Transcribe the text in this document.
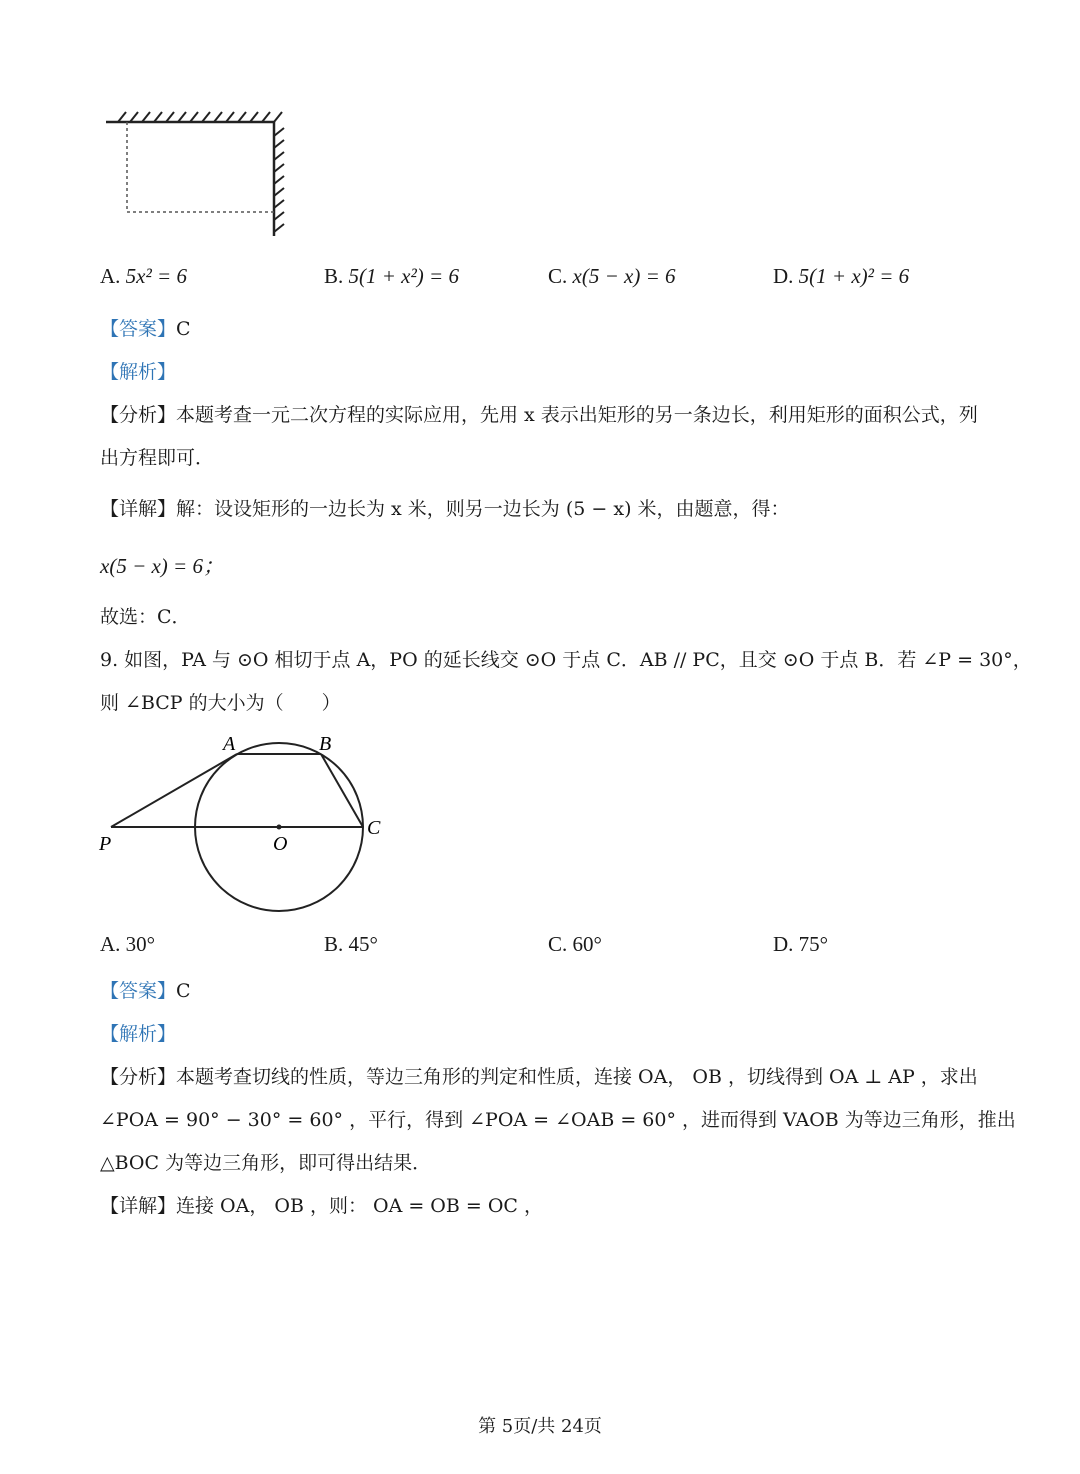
A. 5x² = 6	B. 5(1 + x²) = 6	C. x(5 − x) = 6	D. 5(1 + x)² = 6
【答案】C
【解析】
【分析】本题考查一元二次方程的实际应用，先用 x 表示出矩形的另一条边长，利用矩形的面积公式，列
出方程即可．
【详解】解：设设矩形的一边长为 x 米，则另一边长为 (5 − x) 米，由题意，得：
x(5 − x) = 6；
故选：C．
9. 如图，PA 与 ⊙O 相切于点 A，PO 的延长线交 ⊙O 于点 C．AB // PC，且交 ⊙O 于点 B．若 ∠P = 30°，
则 ∠BCP 的大小为（　　）
A	B
C
O
P
A. 30°	B. 45°	C. 60°	D. 75°
【答案】C
【解析】
【分析】本题考查切线的性质，等边三角形的判定和性质，连接 OA， OB ，切线得到 OA ⊥ AP ，求出
∠POA = 90° − 30° = 60° ，平行，得到 ∠POA = ∠OAB = 60° ，进而得到 VAOB 为等边三角形，推出
△BOC 为等边三角形，即可得出结果．
【详解】连接 OA， OB ，则： OA = OB = OC ，
第 5页/共 24页
